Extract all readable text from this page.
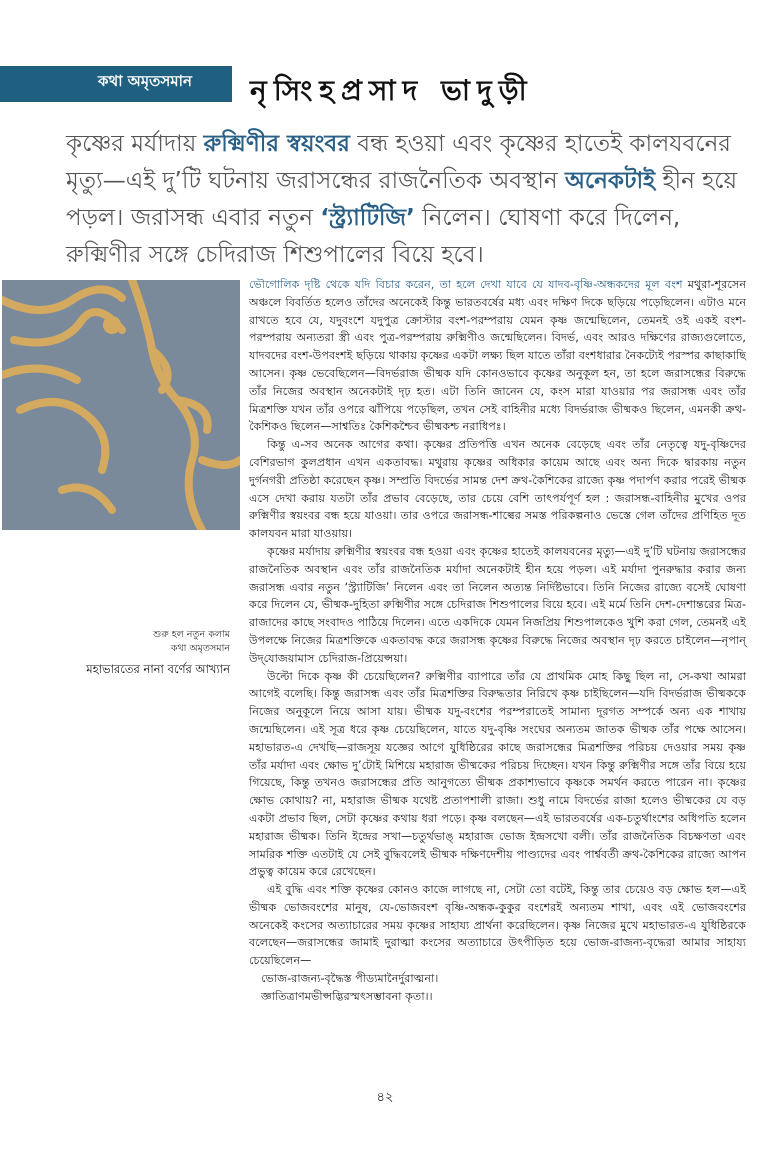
কথা অমৃতসমান নৃসিংহপ্রসাদ ভাদুড়ী
কৃষ্ণের মর্যাদায় রুক্মিণীর স্বয়ংবর বন্ধ হওয়া এবং কৃষ্ণের হাতেই কালযবনের মৃত্যু—এই দু’টি ঘটনায় জরাসন্ধের রাজনৈতিক অবস্থান অনেকটাই হীন হয়ে পড়ল। জরাসন্ধ এবার নতুন ‘স্ট্র্যাটিজি’ নিলেন। ঘোষণা করে দিলেন, রুক্মিণীর সঙ্গে চেদিরাজ শিশুপালের বিয়ে হবে।
শুরু হল নতুন কলাম
কথা অমৃতসমান
মহাভারতের নানা বর্ণের আখ্যান

ভৌগোলিক দৃষ্টি থেকে যদি বিচার করেন, তা হলে দেখা যাবে যে যাদব-বৃষ্ণি-অন্ধকদের মূল বংশ মথুরা-শূরসেন অঞ্চলে বিবর্তিত হলেও তাঁদের অনেকেই কিন্তু ভারতবর্ষের মধ্য এবং দক্ষিণ দিকে ছড়িয়ে পড়েছিলেন। এটাও মনে রাখতে হবে যে, যদুবংশে যদুপুত্র ক্রোস্টার বংশ-পরম্পরায় যেমন কৃষ্ণ জন্মেছিলেন, তেমনই ওই একই বংশ-পরম্পরায় অন্যতরা স্ত্রী এবং পুত্র-পরম্পরায় রুক্মিণীও জন্মেছিলেন। বিদর্ভ, এবং আরও দক্ষিণের রাজ্যগুলোতে, যাদবদের বংশ-উপবংশই ছড়িয়ে থাকায় কৃষ্ণের একটা লক্ষ্য ছিল যাতে তাঁরা বংশধারার নৈকট্যেই পরস্পর কাছাকাছি আসেন। কৃষ্ণ ভেবেছিলেন—বিদর্ভরাজ ভীষ্মক যদি কোনওভাবে কৃষ্ণের অনুকূল হন, তা হলে জরাসন্ধের বিরুদ্ধে তাঁর নিজের অবস্থান অনেকটাই দৃঢ় হত। এটা তিনি জানেন যে, কংস মারা যাওয়ার পর জরাসন্ধ এবং তাঁর মিত্রশক্তি যখন তাঁর ওপরে ঝাঁপিয়ে পড়েছিল, তখন সেই বাহিনীর মধ্যে বিদর্ভরাজ ভীষ্মকও ছিলেন, এমনকী ক্রথ-কৈশিকও ছিলেন—সাশ্বতিঃ কৈশিকশ্চৈব ভীষ্মকশ্চ নরাধিপঃ।

কিন্তু এ-সব অনেক আগের কথা। কৃষ্ণের প্রতিপত্তি এখন অনেক বেড়েছে এবং তাঁর নেতৃত্বে যদু-বৃষ্ণিদের বেশিরভাগ কুলপ্রধান এখন একতাবদ্ধ। মথুরায় কৃষ্ণের অধিকার কায়েম আছে এবং অন্য দিকে দ্বারকায় নতুন দুর্গনগরী প্রতিষ্ঠা করেছেন কৃষ্ণ। সম্প্রতি বিদর্ভের সামন্ত দেশ ক্রথ-কৈশিকের রাজ্যে কৃষ্ণ পদার্পণ করার পরেই ভীষ্মক এসে দেখা করায় যতটা তাঁর প্রভাব বেড়েছে, তার চেয়ে বেশি তাৎপর্যপূর্ণ হল : জরাসন্ধ-বাহিনীর মুখের ওপর রুক্মিণীর স্বয়ংবর বন্ধ হয়ে যাওয়া। তার ওপরে জরাসন্ধ-শাল্বের সমস্ত পরিকল্পনাও ভেস্তে গেল তাঁদের প্রণিহিত দূত কালযবন মারা যাওয়ায়।

কৃষ্ণের মর্যাদায় রুক্মিণীর স্বয়ংবর বন্ধ হওয়া এবং কৃষ্ণের হাতেই কালযবনের মৃত্যু—এই দু’টি ঘটনায় জরাসন্ধের রাজনৈতিক অবস্থান এবং তাঁর রাজনৈতিক মর্যাদা অনেকটাই হীন হয়ে পড়ল। এই মর্যাদা পুনরুদ্ধার করার জন্য জরাসন্ধ এবার নতুন ‘স্ট্র্যাটিজি’ নিলেন এবং তা নিলেন অত্যন্ত নির্দিষ্টভাবে। তিনি নিজের রাজ্যে বসেই ঘোষণা করে দিলেন যে, ভীষ্মক-দুহিতা রুক্মিণীর সঙ্গে চেদিরাজ শিশুপালের বিয়ে হবে। এই মর্মে তিনি দেশ-দেশান্তরের মিত্র-রাজাদের কাছে সংবাদও পাঠিয়ে দিলেন। এতে একদিকে যেমন নিজপ্রিয় শিশুপালকেও খুশি করা গেল, তেমনই এই উপলক্ষে নিজের মিত্রশক্তিকে একতাবদ্ধ করে জরাসন্ধ কৃষ্ণের বিরুদ্ধে নিজের অবস্থান দৃঢ় করতে চাইলেন—নৃপান্ উদ্‌যোজয়ামাস চেদিরাজ-প্রিয়েপ্সয়া।

উল্টো দিকে কৃষ্ণ কী চেয়েছিলেন? রুক্মিণীর ব্যাপারে তাঁর যে প্রাথমিক মোহ কিছু ছিল না, সে-কথা আমরা আগেই বলেছি। কিন্তু জরাসন্ধ এবং তাঁর মিত্রশক্তির বিরুদ্ধতার নিরিখে কৃষ্ণ চাইছিলেন—যদি বিদর্ভরাজ ভীষ্মককে নিজের অনুকূলে নিয়ে আসা যায়। ভীষ্মক যদু-বংশের পরম্পরাতেই সামান্য দূরগত সম্পর্কে অন্য এক শাখায় জন্মেছিলেন। এই সূত্র ধরে কৃষ্ণ চেয়েছিলেন, যাতে যদু-বৃষ্ণি সংঘের অন্যতম জাতক ভীষ্মক তাঁর পক্ষে আসেন। মহাভারত-এ দেখছি—রাজসূয় যজ্ঞের আগে যুধিষ্ঠিরের কাছে জরাসন্ধের মিত্রশক্তির পরিচয় দেওয়ার সময় কৃষ্ণ তাঁর মর্যাদা এবং ক্ষোভ দু’টোই মিশিয়ে মহারাজ ভীষ্মকের পরিচয় দিচ্ছেন। যখন কিন্তু রুক্মিণীর সঙ্গে তাঁর বিয়ে হয়ে গিয়েছে, কিন্তু তখনও জরাসন্ধের প্রতি আনুগত্যে ভীষ্মক প্রকাশ্যভাবে কৃষ্ণকে সমর্থন করতে পারেন না। কৃষ্ণের ক্ষোভ কোথায়? না, মহারাজ ভীষ্মক যথেষ্ট প্রতাপশালী রাজা। শুধু নামে বিদর্ভের রাজা হলেও ভীষ্মকের যে বড় একটা প্রভাব ছিল, সেটা কৃষ্ণের কথায় ধরা পড়ে। কৃষ্ণ বলছেন—এই ভারতবর্ষের এক-চতুর্থাংশের অধিপতি হলেন মহারাজ ভীষ্মক। তিনি ইন্দ্রের সখা—চতুর্থভাঙ্ মহারাজ ভোজ ইন্দ্রসখো বলী। তাঁর রাজনৈতিক বিচক্ষণতা এবং সামরিক শক্তি এতটাই যে সেই বুদ্ধিবলেই ভীষ্মক দক্ষিণদেশীয় পাণ্ড্যদের এবং পার্শ্ববর্তী ক্রথ-কৈশিকের রাজ্যে আপন প্রভুত্ব কায়েম করে রেখেছেন।

এই বুদ্ধি এবং শক্তি কৃষ্ণের কোনও কাজে লাগছে না, সেটা তো বটেই, কিন্তু তার চেয়েও বড় ক্ষোভ হল—এই ভীষ্মক ভোজবংশের মানুষ, যে-ভোজবংশ বৃষ্ণি-অন্ধক-কুকুর বংশেরই অন্যতম শাখা, এবং এই ভোজবংশের অনেকেই কংসের অত্যাচারের সময় কৃষ্ণের সাহায্য প্রার্থনা করেছিলেন। কৃষ্ণ নিজের মুখে মহাভারত-এ যুধিষ্ঠিরকে বলেছেন—জরাসন্ধের জামাই দুরাত্মা কংসের অত্যাচারে উৎপীড়িত হয়ে ভোজ-রাজন্য-বৃদ্ধেরা আমার সাহায্য চেয়েছিলেন—

ভোজ-রাজন্য-বৃদ্ধৈস্ত পীড্যমানৈর্দুরাত্মনা।

জ্ঞাতিত্রাণমভীপ্সদ্ভিরস্মৎসম্ভাবনা কৃতা।।

৪২
